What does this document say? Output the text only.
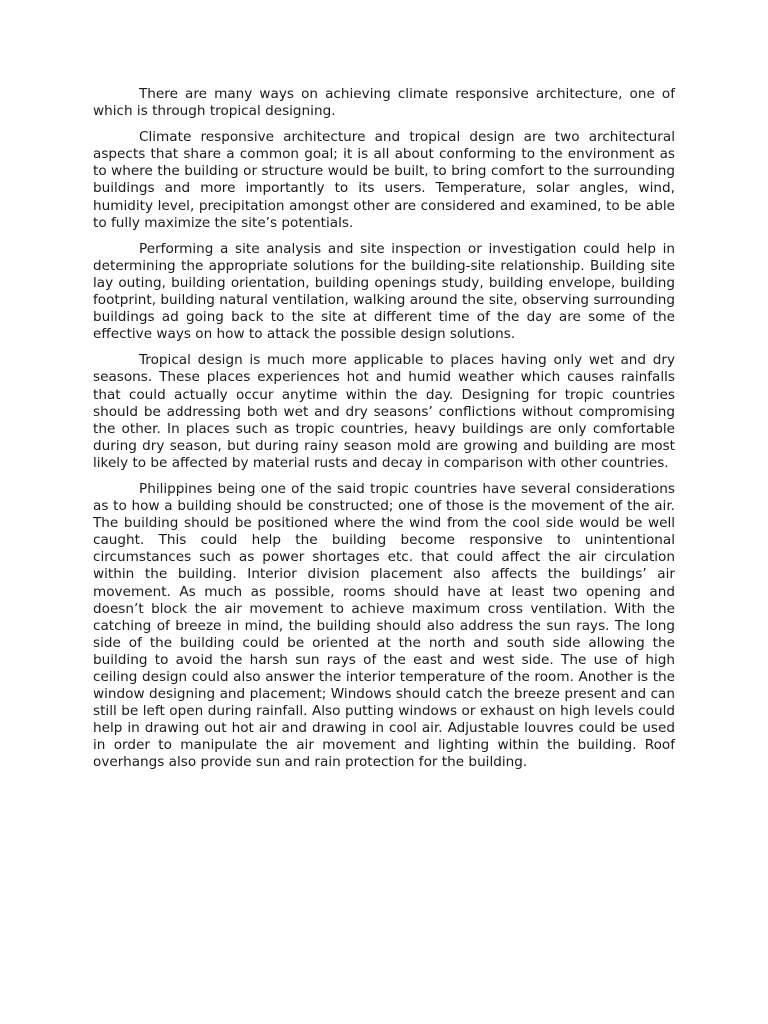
There are many ways on achieving climate responsive architecture, one of which is through tropical designing.

Climate responsive architecture and tropical design are two architectural aspects that share a common goal; it is all about conforming to the environment as to where the building or structure would be built, to bring comfort to the surrounding buildings and more importantly to its users. Temperature, solar angles, wind, humidity level, precipitation amongst other are considered and examined, to be able to fully maximize the site’s potentials.

Performing a site analysis and site inspection or investigation could help in determining the appropriate solutions for the building-site relationship. Building site lay outing, building orientation, building openings study, building envelope, building footprint, building natural ventilation, walking around the site, observing surrounding buildings ad going back to the site at different time of the day are some of the effective ways on how to attack the possible design solutions.

Tropical design is much more applicable to places having only wet and dry seasons. These places experiences hot and humid weather which causes rainfalls that could actually occur anytime within the day. Designing for tropic countries should be addressing both wet and dry seasons’ conflictions without compromising the other. In places such as tropic countries, heavy buildings are only comfortable during dry season, but during rainy season mold are growing and building are most likely to be affected by material rusts and decay in comparison with other countries.

Philippines being one of the said tropic countries have several considerations as to how a building should be constructed; one of those is the movement of the air. The building should be positioned where the wind from the cool side would be well caught. This could help the building become responsive to unintentional circumstances such as power shortages etc. that could affect the air circulation within the building. Interior division placement also affects the buildings’ air movement. As much as possible, rooms should have at least two opening and doesn’t block the air movement to achieve maximum cross ventilation. With the catching of breeze in mind, the building should also address the sun rays. The long side of the building could be oriented at the north and south side allowing the building to avoid the harsh sun rays of the east and west side. The use of high ceiling design could also answer the interior temperature of the room. Another is the window designing and placement; Windows should catch the breeze present and can still be left open during rainfall. Also putting windows or exhaust on high levels could help in drawing out hot air and drawing in cool air. Adjustable louvres could be used in order to manipulate the air movement and lighting within the building. Roof overhangs also provide sun and rain protection for the building.
